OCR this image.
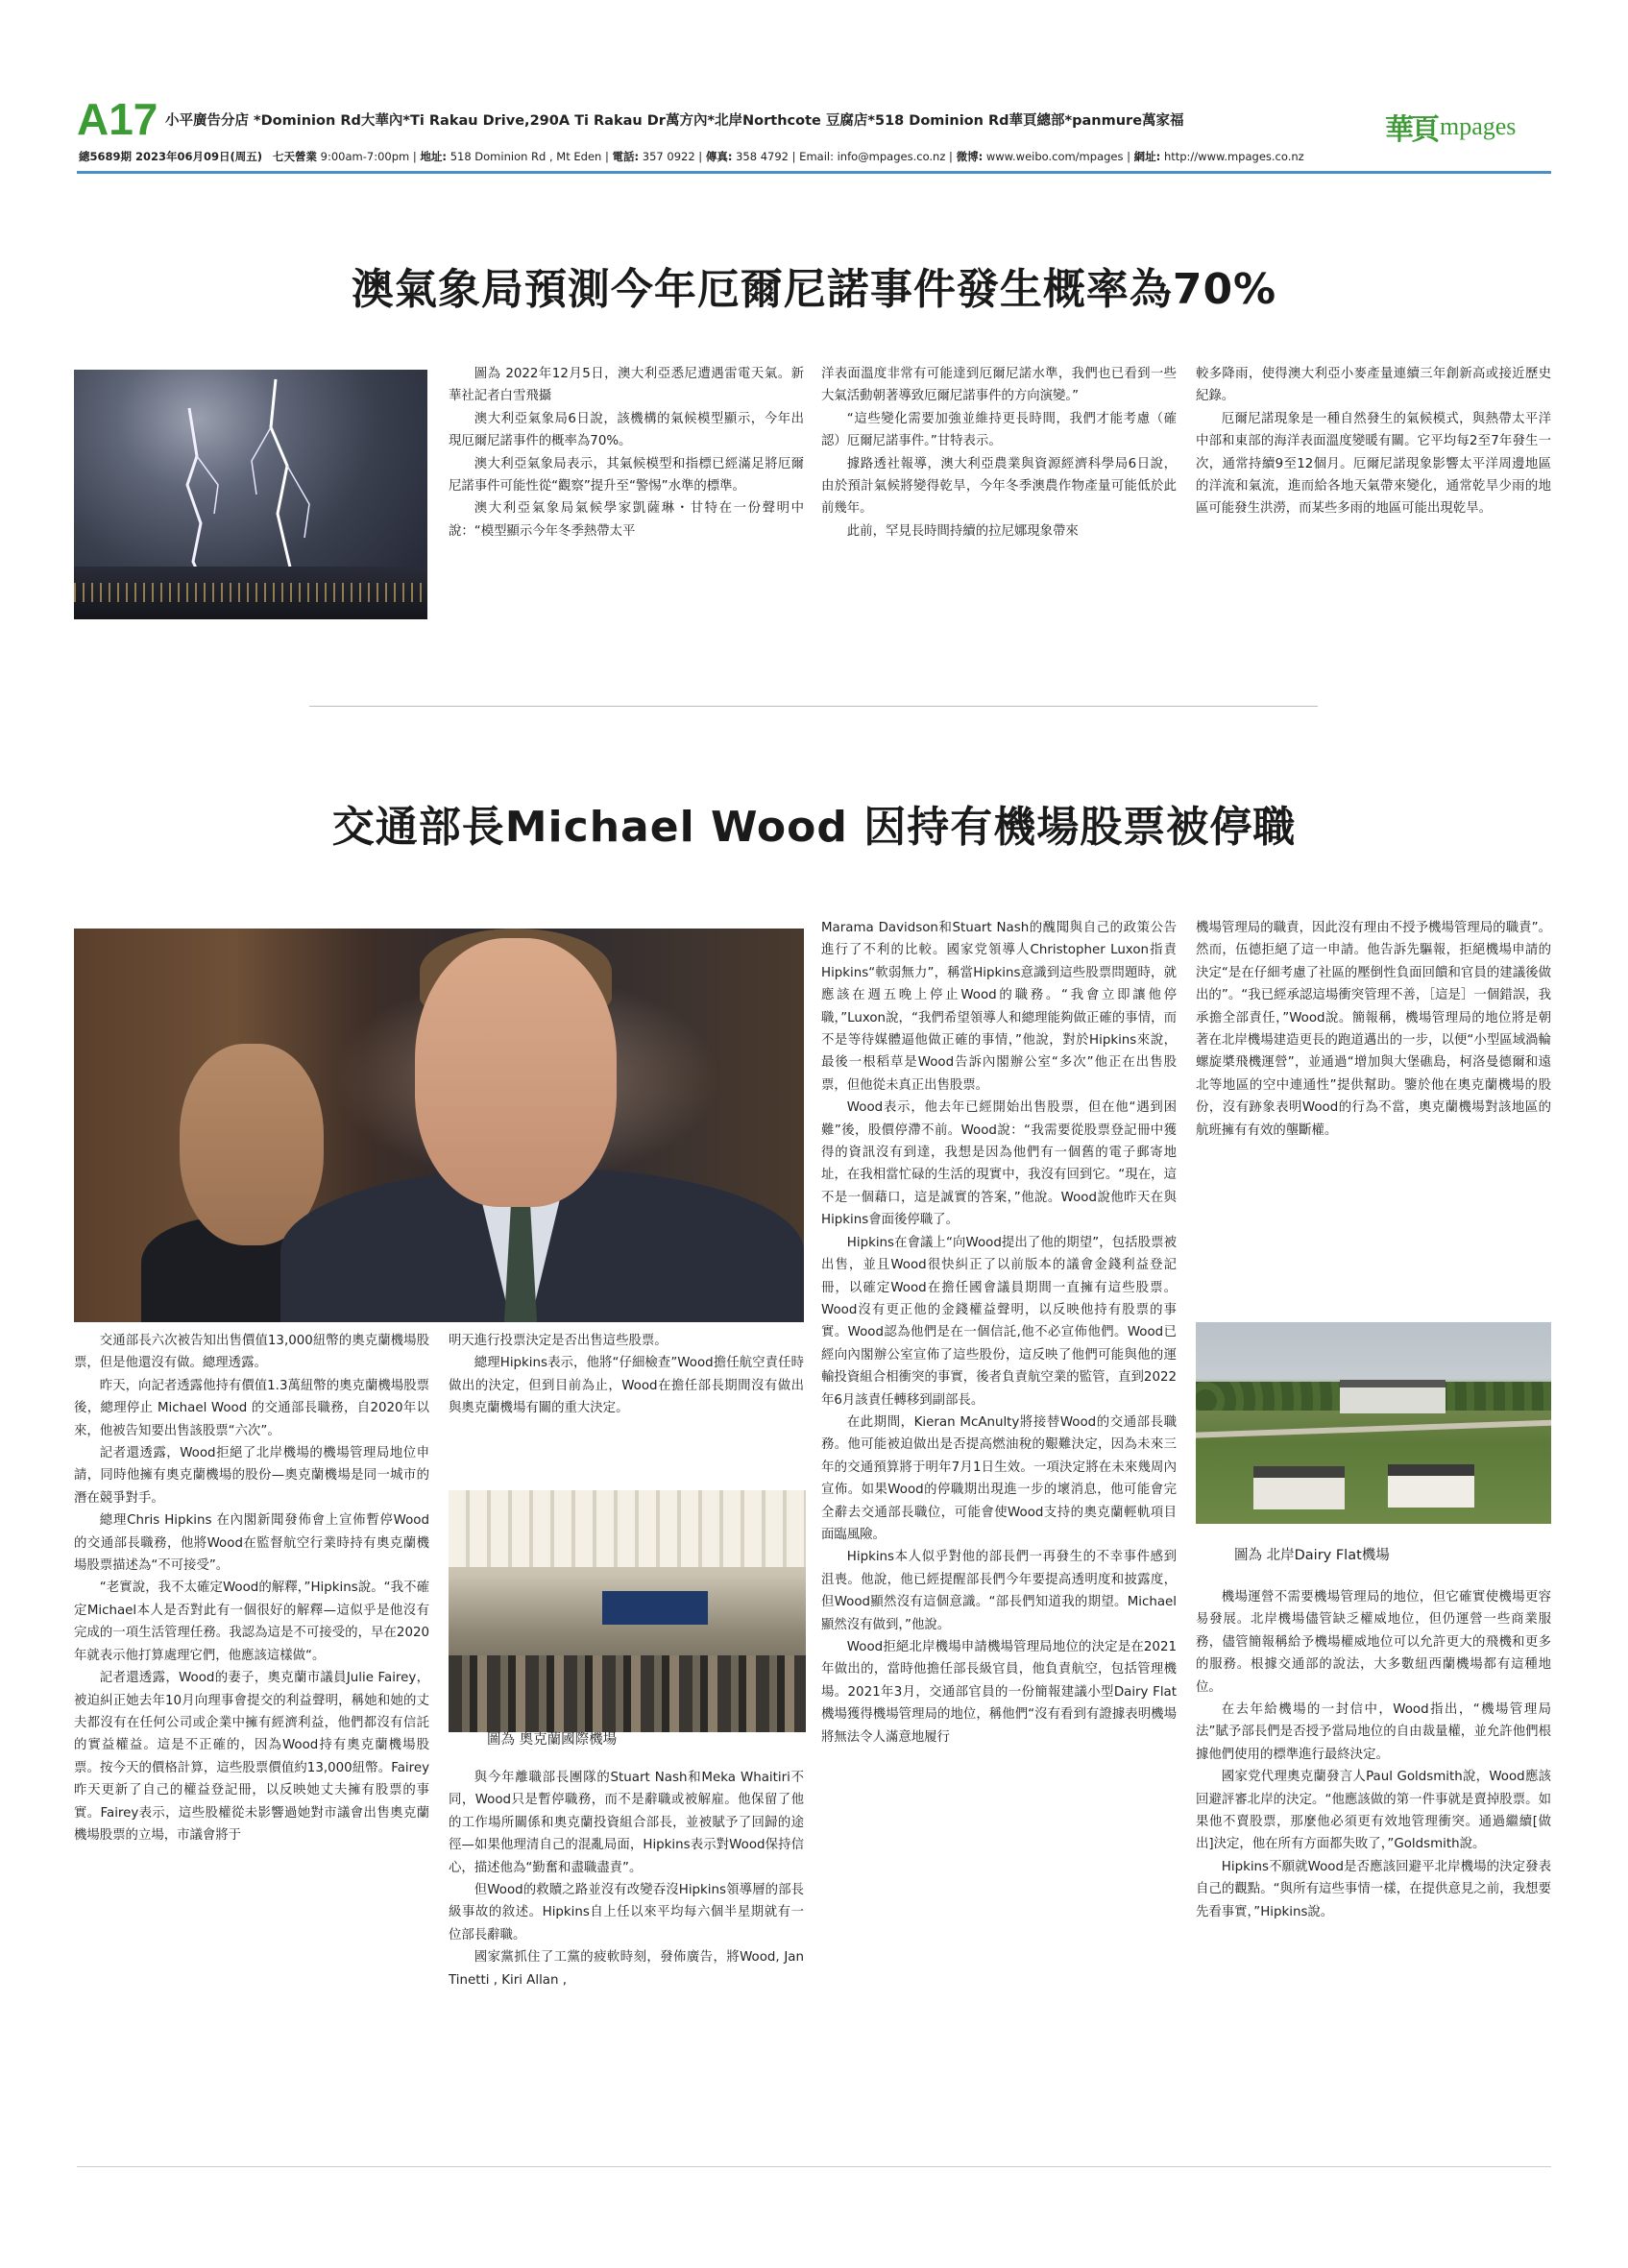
A17 小平廣告分店 *Dominion Rd大華內*Ti Rakau Drive,290A Ti Rakau Dr萬方內*北岸Northcote 豆腐店*518 Dominion Rd華頁總部*panmure萬家福
總5689期 2023年06月09日(周五) 七天營業 9:00am-7:00pm | 地址: 518 Dominion Rd , Mt Eden | 電話: 357 0922 | 傳真: 358 4792 | Email: info@mpages.co.nz | 微博: www.weibo.com/mpages | 網址: http://www.mpages.co.nz
華頁 mpages
澳氣象局預測今年厄爾尼諾事件發生概率為70%

圖為 2022年12月5日，澳大利亞悉尼遭遇雷電天氣。新華社記者白雪飛攝

澳大利亞氣象局6日說，該機構的氣候模型顯示，今年出現厄爾尼諾事件的概率為70%。

澳大利亞氣象局表示，其氣候模型和指標已經滿足將厄爾尼諾事件可能性從“觀察”提升至“警惕”水準的標準。

澳大利亞氣象局氣候學家凱薩琳・甘特在一份聲明中說：“模型顯示今年冬季熱帶太平

洋表面溫度非常有可能達到厄爾尼諾水準，我們也已看到一些大氣活動朝著導致厄爾尼諾事件的方向演變。”

“這些變化需要加強並維持更長時間，我們才能考慮（確認）厄爾尼諾事件。”甘特表示。

據路透社報導，澳大利亞農業與資源經濟科學局6日說，由於預計氣候將變得乾旱，今年冬季澳農作物產量可能低於此前幾年。

此前，罕見長時間持續的拉尼娜現象帶來

較多降雨，使得澳大利亞小麥產量連續三年創新高或接近歷史紀錄。

厄爾尼諾現象是一種自然發生的氣候模式，與熱帶太平洋中部和東部的海洋表面溫度變暖有關。它平均每2至7年發生一次，通常持續9至12個月。厄爾尼諾現象影響太平洋周邊地區的洋流和氣流，進而給各地天氣帶來變化，通常乾旱少雨的地區可能發生洪澇，而某些多雨的地區可能出現乾旱。

交通部長Michael Wood 因持有機場股票被停職

交通部長六次被告知出售價值13,000紐幣的奧克蘭機場股票，但是他還沒有做。總理透露。

昨天，向記者透露他持有價值1.3萬紐幣的奧克蘭機場股票後，總理停止 Michael Wood 的交通部長職務，自2020年以來，他被告知要出售該股票“六次”。

記者還透露，Wood拒絕了北岸機場的機場管理局地位申請，同時他擁有奧克蘭機場的股份—奧克蘭機場是同一城市的潛在競爭對手。

總理Chris Hipkins 在內閣新聞發佈會上宣佈暫停Wood的交通部長職務，他將Wood在監督航空行業時持有奧克蘭機場股票描述為“不可接受”。

“老實說，我不太確定Wood的解釋，”Hipkins說。“我不確定Michael本人是否對此有一個很好的解釋—這似乎是他沒有完成的一項生活管理任務。我認為這是不可接受的，早在2020年就表示他打算處理它們，他應該這樣做“。

記者還透露，Wood的妻子，奧克蘭市議員Julie Fairey，被迫糾正她去年10月向理事會提交的利益聲明，稱她和她的丈夫都沒有在任何公司或企業中擁有經濟利益，他們都沒有信託的實益權益。這是不正確的，因為Wood持有奧克蘭機場股票。按今天的價格計算，這些股票價值約13,000紐幣。Fairey昨天更新了自己的權益登記冊，以反映她丈夫擁有股票的事實。Fairey表示，這些股權從未影響過她對市議會出售奧克蘭機場股票的立場，市議會將于

明天進行投票決定是否出售這些股票。

總理Hipkins表示，他將“仔細檢查”Wood擔任航空責任時做出的決定，但到目前為止，Wood在擔任部長期間沒有做出與奧克蘭機場有關的重大決定。

圖為 奧克蘭國際機場

與今年離職部長團隊的Stuart Nash和Meka Whaitiri不同，Wood只是暫停職務，而不是辭職或被解雇。他保留了他的工作場所關係和奧克蘭投資組合部長，並被賦予了回歸的途徑—如果他理清自己的混亂局面，Hipkins表示對Wood保持信心，描述他為“勤奮和盡職盡責”。

但Wood的救贖之路並沒有改變吞沒Hipkins領導層的部長級事故的敘述。Hipkins自上任以來平均每六個半星期就有一位部長辭職。

國家黨抓住了工黨的疲軟時刻，發佈廣告，將Wood, Jan Tinetti , Kiri Allan ,

Marama Davidson和Stuart Nash的醜聞與自己的政策公告進行了不利的比較。國家党領導人Christopher Luxon指責Hipkins“軟弱無力”，稱當Hipkins意識到這些股票問題時，就應該在週五晚上停止Wood的職務。“我會立即讓他停職，”Luxon說，“我們希望領導人和總理能夠做正確的事情，而不是等待媒體逼他做正確的事情，”他說，對於Hipkins來說，最後一根稻草是Wood告訴內閣辦公室“多次”他正在出售股票，但他從未真正出售股票。

Wood表示，他去年已經開始出售股票，但在他“遇到困難”後，股價停滯不前。Wood說：“我需要從股票登記冊中獲得的資訊沒有到達，我想是因為他們有一個舊的電子郵寄地址，在我相當忙碌的生活的現實中，我沒有回到它。“現在，這不是一個藉口，這是誠實的答案，”他說。Wood說他昨天在與Hipkins會面後停職了。

Hipkins在會議上“向Wood提出了他的期望”，包括股票被出售，並且Wood很快糾正了以前版本的議會金錢利益登記冊，以確定Wood在擔任國會議員期間一直擁有這些股票。Wood沒有更正他的金錢權益聲明，以反映他持有股票的事實。Wood認為他們是在一個信託,他不必宣佈他們。Wood已經向內閣辦公室宣佈了這些股份，這反映了他們可能與他的運輸投資組合相衝突的事實，後者負責航空業的監管，直到2022年6月該責任轉移到副部長。

在此期間，Kieran McAnulty將接替Wood的交通部長職務。他可能被迫做出是否提高燃油稅的艱難決定，因為未來三年的交通預算將于明年7月1日生效。一項決定將在未來幾周內宣佈。如果Wood的停職期出現進一步的壞消息，他可能會完全辭去交通部長職位，可能會使Wood支持的奧克蘭輕軌項目面臨風險。

Hipkins本人似乎對他的部長們一再發生的不幸事件感到沮喪。他說，他已經提醒部長們今年要提高透明度和披露度，但Wood顯然沒有這個意識。“部長們知道我的期望。Michael顯然沒有做到，”他說。

Wood拒絕北岸機場申請機場管理局地位的決定是在2021年做出的，當時他擔任部長級官員，他負責航空，包括管理機場。2021年3月，交通部官員的一份簡報建議小型Dairy Flat機場獲得機場管理局的地位，稱他們“沒有看到有證據表明機場將無法令人滿意地履行

機場管理局的職責，因此沒有理由不授予機場管理局的職責”。然而，伍德拒絕了這一申請。他告訴先驅報，拒絕機場申請的決定“是在仔細考慮了社區的壓倒性負面回饋和官員的建議後做出的”。“我已經承認這場衝突管理不善，［這是］一個錯誤，我承擔全部責任，”Wood說。簡報稱，機場管理局的地位將是朝著在北岸機場建造更長的跑道邁出的一步，以便“小型區域渦輪螺旋槳飛機運營”，並通過“增加與大堡礁島，柯洛曼德爾和遠北等地區的空中連通性”提供幫助。鑒於他在奧克蘭機場的股份，沒有跡象表明Wood的行為不當，奧克蘭機場對該地區的航班擁有有效的壟斷權。

圖為 北岸Dairy Flat機場

機場運營不需要機場管理局的地位，但它確實使機場更容易發展。北岸機場儘管缺乏權威地位，但仍運營一些商業服務，儘管簡報稱給予機場權威地位可以允許更大的飛機和更多的服務。根據交通部的說法，大多數紐西蘭機場都有這種地位。

在去年給機場的一封信中，Wood指出，“機場管理局法”賦予部長們是否授予當局地位的自由裁量權，並允許他們根據他們使用的標準進行最終決定。

國家党代理奧克蘭發言人Paul Goldsmith說，Wood應該回避評審北岸的決定。“他應該做的第一件事就是賣掉股票。如果他不賣股票，那麼他必須更有效地管理衝突。通過繼續[做出]決定，他在所有方面都失敗了，”Goldsmith說。

Hipkins不願就Wood是否應該回避平北岸機場的決定發表自己的觀點。“與所有這些事情一樣，在提供意見之前，我想要先看事實，”Hipkins說。
